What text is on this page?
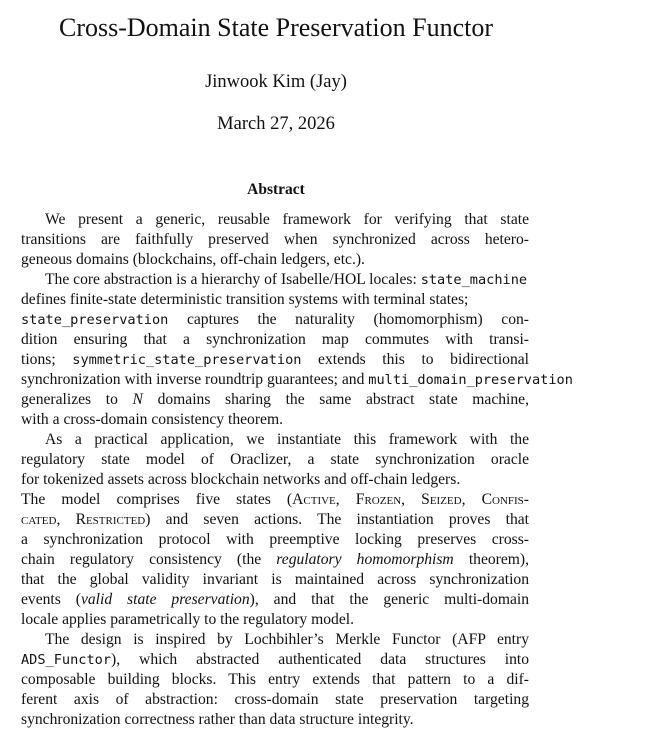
Cross-Domain State Preservation Functor
Jinwook Kim (Jay)
March 27, 2026
Abstract
We present a generic, reusable framework for verifying that state
transitions are faithfully preserved when synchronized across hetero-
geneous domains (blockchains, off-chain ledgers, etc.).
The core abstraction is a hierarchy of Isabelle/HOL locales: state_machine
defines finite-state deterministic transition systems with terminal states;
state_preservation captures the naturality (homomorphism) con-
dition ensuring that a synchronization map commutes with transi-
tions; symmetric_state_preservation extends this to bidirectional
synchronization with inverse roundtrip guarantees; and multi_domain_preservation
generalizes to N domains sharing the same abstract state machine,
with a cross-domain consistency theorem.
As a practical application, we instantiate this framework with the
regulatory state model of Oraclizer, a state synchronization oracle
for tokenized assets across blockchain networks and off-chain ledgers.
The model comprises five states (Active, Frozen, Seized, Confis-
cated, Restricted) and seven actions. The instantiation proves that
a synchronization protocol with preemptive locking preserves cross-
chain regulatory consistency (the regulatory homomorphism theorem),
that the global validity invariant is maintained across synchronization
events (valid state preservation), and that the generic multi-domain
locale applies parametrically to the regulatory model.
The design is inspired by Lochbihler’s Merkle Functor (AFP entry
ADS_Functor), which abstracted authenticated data structures into
composable building blocks. This entry extends that pattern to a dif-
ferent axis of abstraction: cross-domain state preservation targeting
synchronization correctness rather than data structure integrity.
